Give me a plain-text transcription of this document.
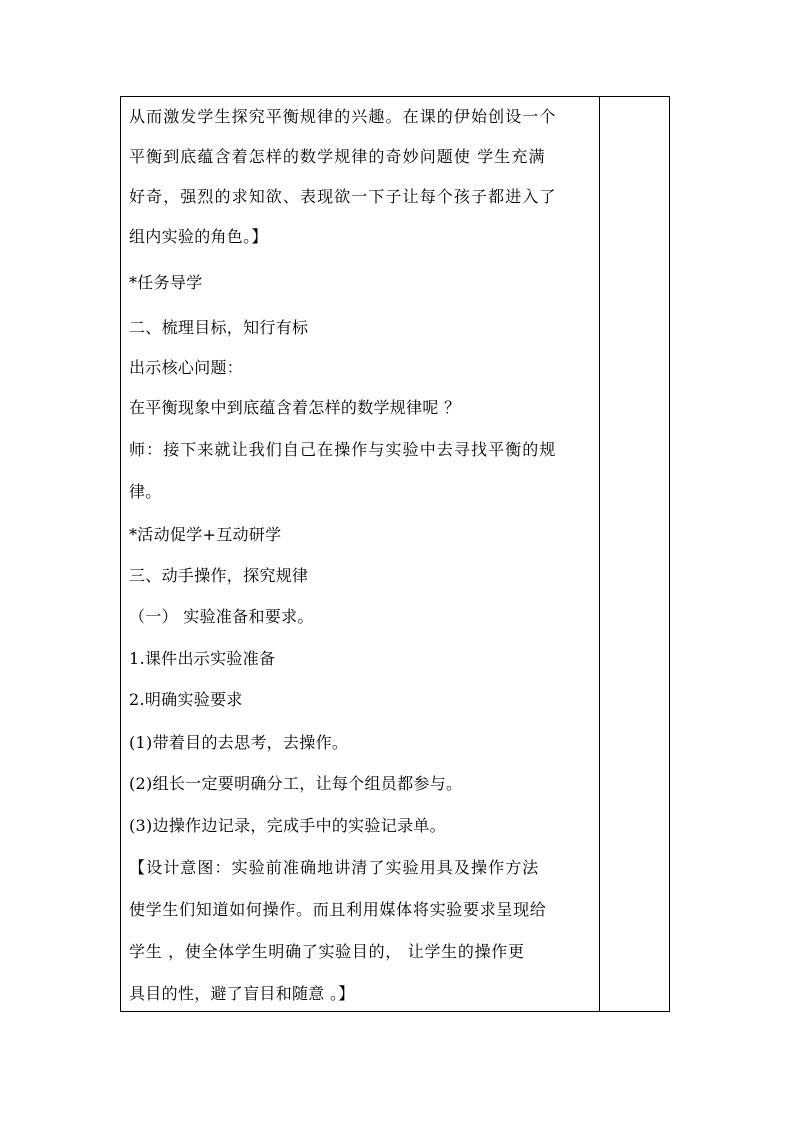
从而激发学生探究平衡规律的兴趣。在课的伊始创设一个
平衡到底蕴含着怎样的数学规律的奇妙问题使 学生充满
好奇，强烈的求知欲、表现欲一下子让每个孩子都进入了
组内实验的角色。】
*任务导学
二、梳理目标，知行有标
出示核心问题：
在平衡现象中到底蕴含着怎样的数学规律呢 ？
师：接下来就让我们自己在操作与实验中去寻找平衡的规
律。
*活动促学+互动研学
三、动手操作，探究规律
（一） 实验准备和要求。
1.课件出示实验准备
2.明确实验要求
(1)带着目的去思考，去操作。
(2)组长一定要明确分工，让每个组员都参与。
(3)边操作边记录，完成手中的实验记录单。
【设计意图：实验前准确地讲清了实验用具及操作方法
使学生们知道如何操作。而且利用媒体将实验要求呈现给
学生 ，使全体学生明确了实验目的， 让学生的操作更
具目的性，避了盲目和随意 。】
